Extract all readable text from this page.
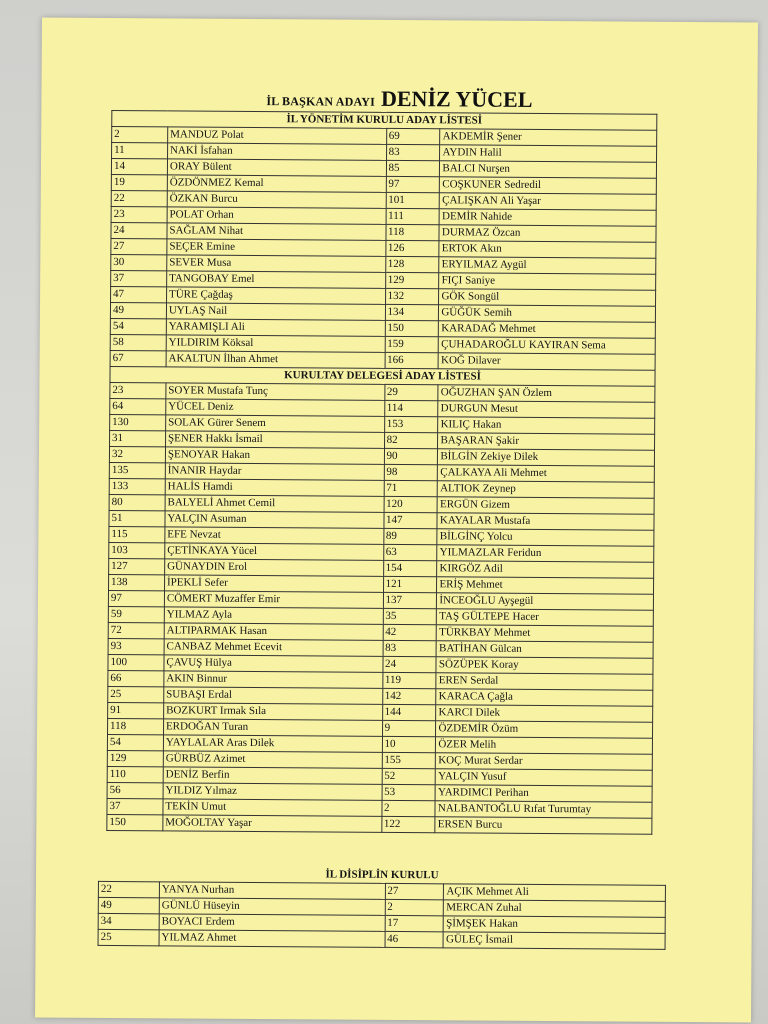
İL BAŞKAN ADAYI DENİZ YÜCEL
İL YÖNETİM KURULU ADAY LİSTESİ			
2	MANDUZ Polat	69	AKDEMİR Şener
11	NAKİ İsfahan	83	AYDIN Halil
14	ORAY Bülent	85	BALCI Nurşen
19	ÖZDÖNMEZ Kemal	97	COŞKUNER Sedredil
22	ÖZKAN Burcu	101	ÇALIŞKAN Ali Yaşar
23	POLAT Orhan	111	DEMİR Nahide
24	SAĞLAM Nihat	118	DURMAZ Özcan
27	SEÇER Emine	126	ERTOK Akın
30	SEVER Musa	128	ERYILMAZ Aygül
37	TANGOBAY Emel	129	FIÇI Saniye
47	TÜRE Çağdaş	132	GÖK Songül
49	UYLAŞ Nail	134	GÜĞÜK Semih
54	YARAMIŞLI Ali	150	KARADAĞ Mehmet
58	YILDIRIM Köksal	159	ÇUHADAROĞLU KAYIRAN Sema
67	AKALTUN İlhan Ahmet	166	KOĞ Dilaver
KURULTAY DELEGESİ ADAY LİSTESİ			
23	SOYER Mustafa Tunç	29	OĞUZHAN ŞAN Özlem
64	YÜCEL Deniz	114	DURGUN Mesut
130	SOLAK Gürer Senem	153	KILIÇ Hakan
31	ŞENER Hakkı İsmail	82	BAŞARAN Şakir
32	ŞENOYAR Hakan	90	BİLGİN Zekiye Dilek
135	İNANIR Haydar	98	ÇALKAYA Ali Mehmet
133	HALİS Hamdi	71	ALTIOK Zeynep
80	BALYELİ Ahmet Cemil	120	ERGÜN Gizem
51	YALÇIN Asuman	147	KAYALAR Mustafa
115	EFE Nevzat	89	BİLGİNÇ Yolcu
103	ÇETİNKAYA Yücel	63	YILMAZLAR Feridun
127	GÜNAYDIN Erol	154	KIRGÖZ Adil
138	İPEKLİ Sefer	121	ERİŞ Mehmet
97	CÖMERT Muzaffer Emir	137	İNCEOĞLU Ayşegül
59	YILMAZ Ayla	35	TAŞ GÜLTEPE Hacer
72	ALTIPARMAK Hasan	42	TÜRKBAY Mehmet
93	CANBAZ Mehmet Ecevit	83	BATİHAN Gülcan
100	ÇAVUŞ Hülya	24	SÖZÜPEK Koray
66	AKIN Binnur	119	EREN Serdal
25	SUBAŞI Erdal	142	KARACA Çağla
91	BOZKURT Irmak Sıla	144	KARCI Dilek
118	ERDOĞAN Turan	9	ÖZDEMİR Özüm
54	YAYLALAR Aras Dilek	10	ÖZER Melih
129	GÜRBÜZ Azimet	155	KOÇ Murat Serdar
110	DENİZ Berfin	52	YALÇIN Yusuf
56	YILDIZ Yılmaz	53	YARDIMCI Perihan
37	TEKİN Umut	2	NALBANTOĞLU Rıfat Turumtay
150	MOĞOLTAY Yaşar	122	ERSEN Burcu
İL DİSİPLİN KURULU			
22	YANYA Nurhan	27	AÇIK Mehmet Ali
49	GÜNLÜ Hüseyin	2	MERCAN Zuhal
34	BOYACI Erdem	17	ŞİMŞEK Hakan
25	YILMAZ Ahmet	46	GÜLEÇ İsmail
